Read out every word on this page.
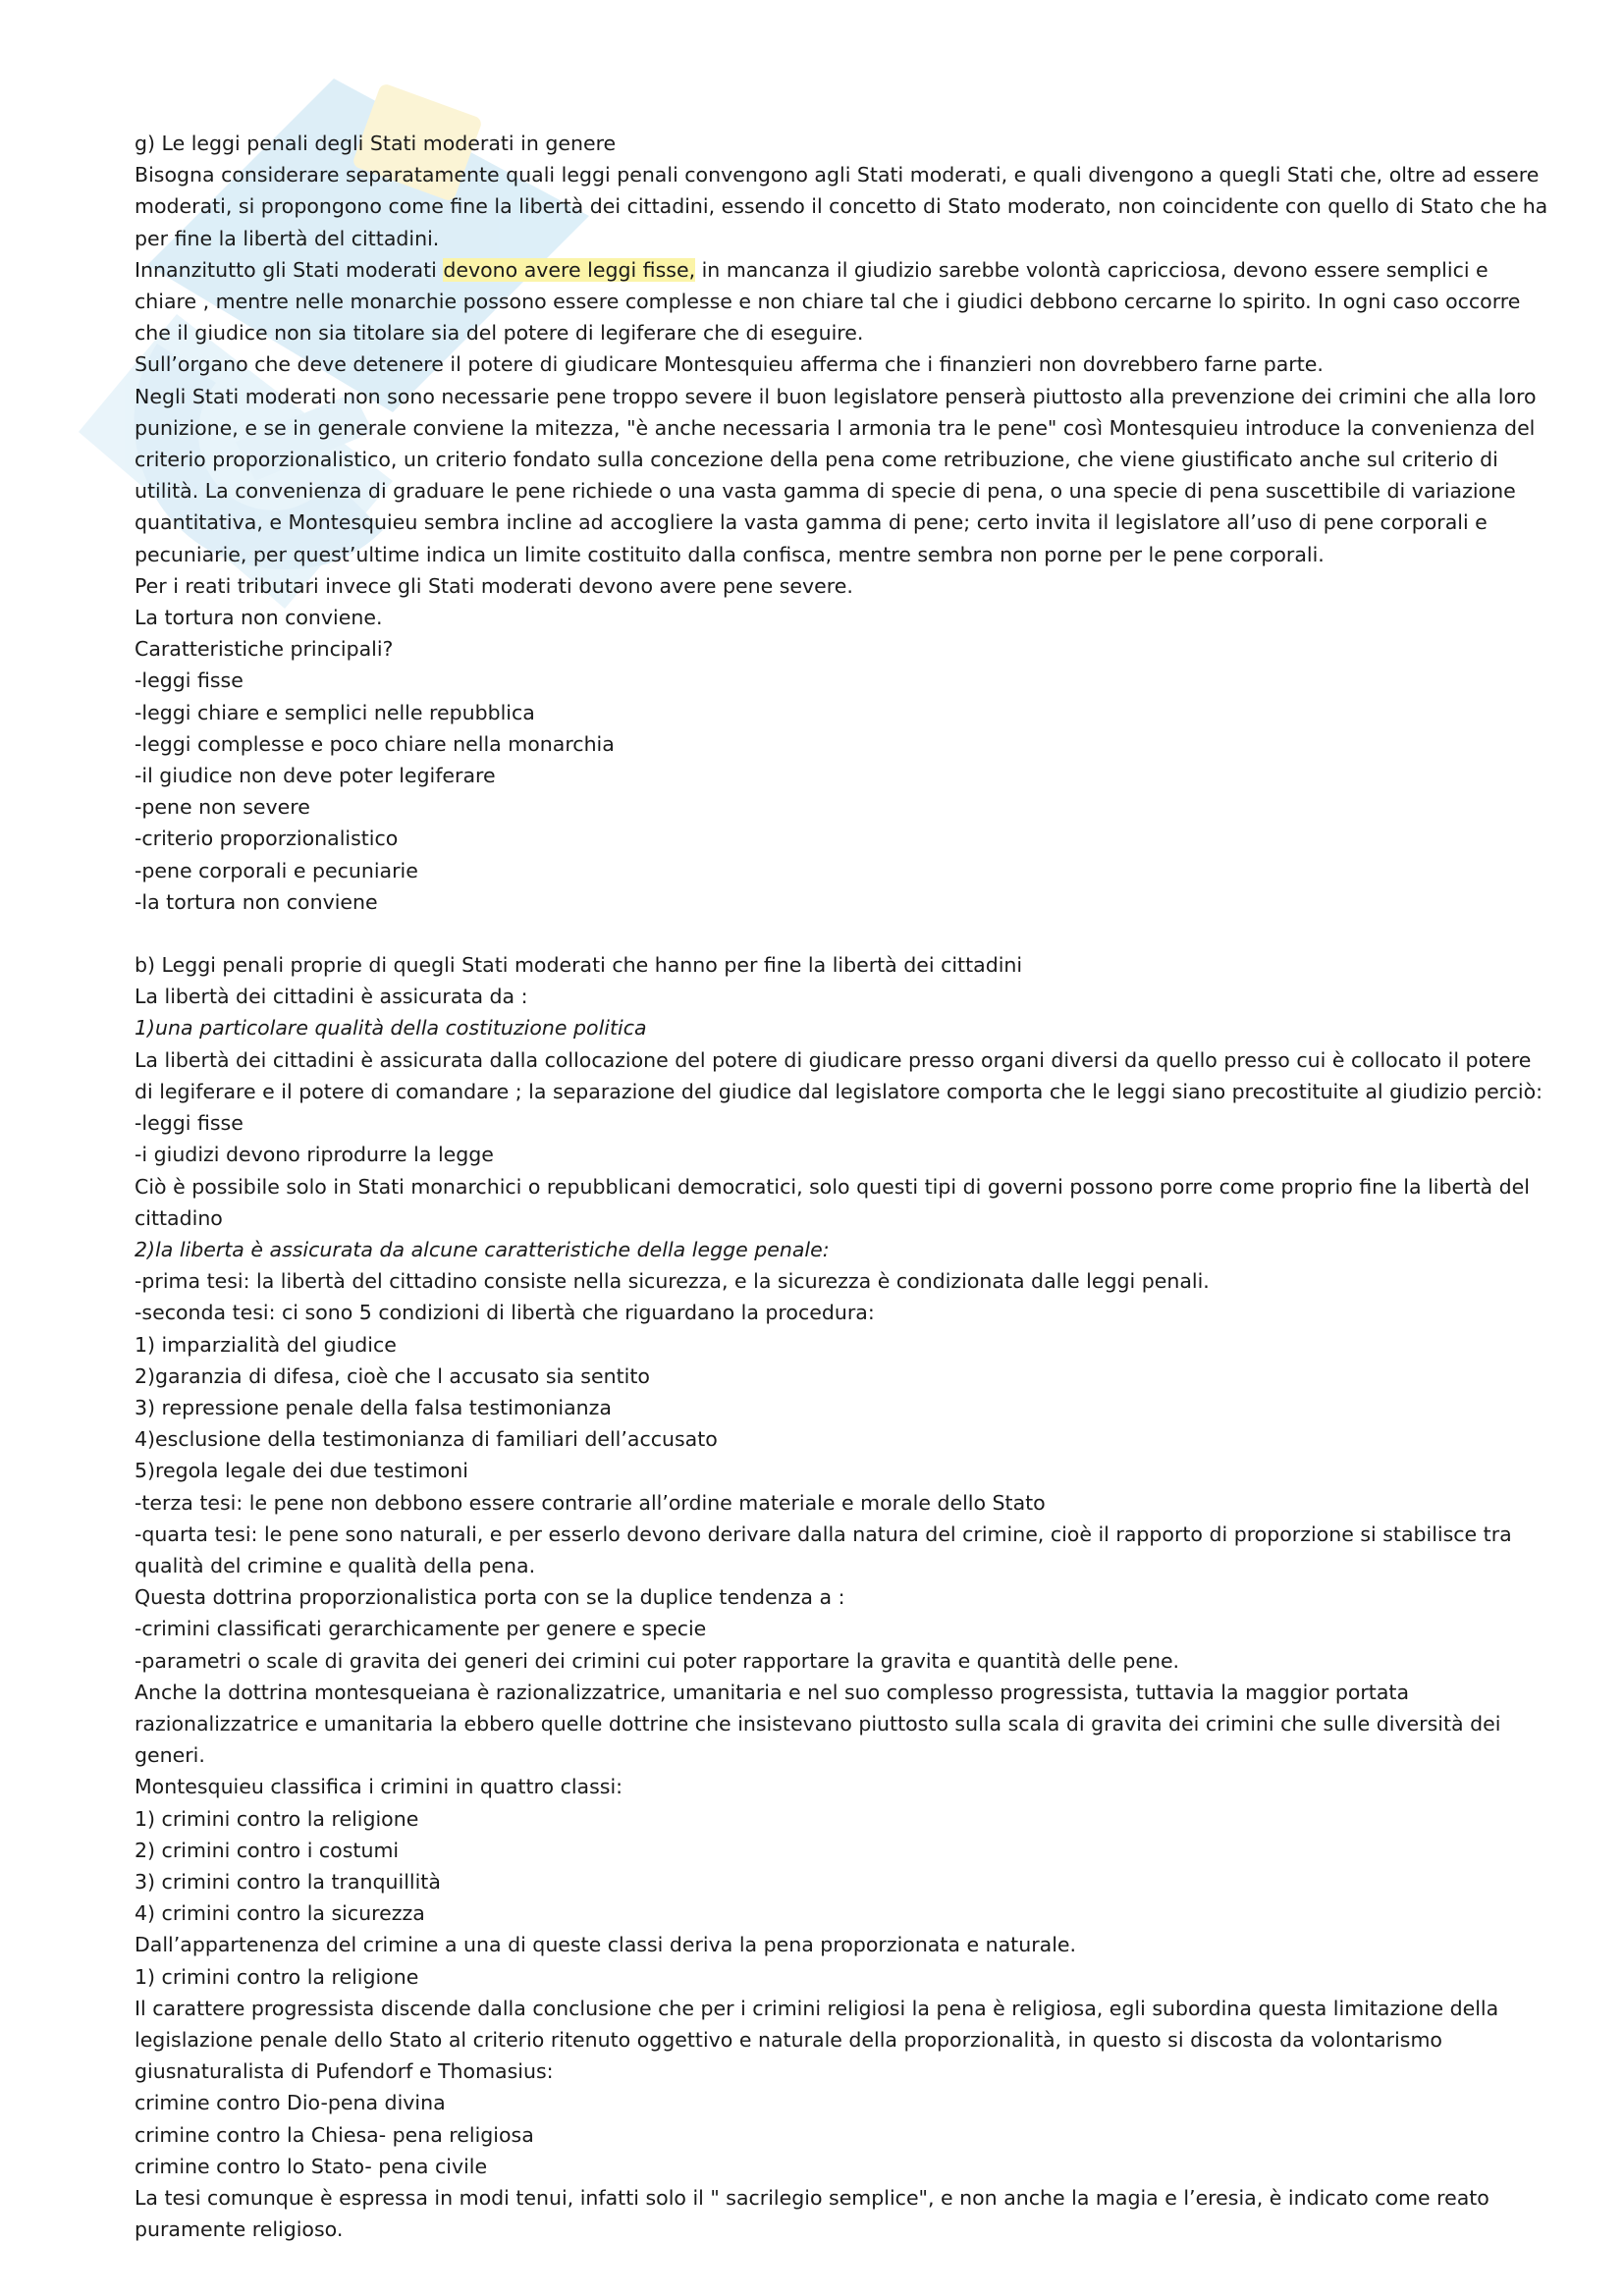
g) Le leggi penali degli Stati moderati in genere

Bisogna considerare separatamente quali leggi penali convengono agli Stati moderati, e quali divengono a quegli Stati che, oltre ad essere moderati, si propongono come fine la libertà dei cittadini, essendo il concetto di Stato moderato, non coincidente con quello di Stato che ha per fine la libertà del cittadini.

Innanzitutto gli Stati moderati devono avere leggi fisse, in mancanza il giudizio sarebbe volontà capricciosa, devono essere semplici e chiare , mentre nelle monarchie possono essere complesse e non chiare tal che i giudici debbono cercarne lo spirito. In ogni caso occorre che il giudice non sia titolare sia del potere di legiferare che di eseguire.

Sull’organo che deve detenere il potere di giudicare Montesquieu afferma che i finanzieri non dovrebbero farne parte.

Negli Stati moderati non sono necessarie pene troppo severe il buon legislatore penserà piuttosto alla prevenzione dei crimini che alla loro punizione, e se in generale conviene la mitezza, "è anche necessaria l armonia tra le pene" così Montesquieu introduce la convenienza del criterio proporzionalistico, un criterio fondato sulla concezione della pena come retribuzione, che viene giustificato anche sul criterio di utilità. La convenienza di graduare le pene richiede o una vasta gamma di specie di pena, o una specie di pena suscettibile di variazione quantitativa, e Montesquieu sembra incline ad accogliere la vasta gamma di pene; certo invita il legislatore all’uso di pene corporali e pecuniarie, per quest’ultime indica un limite costituito dalla confisca, mentre sembra non porne per le pene corporali.

Per i reati tributari invece gli Stati moderati devono avere pene severe.

La tortura non conviene.

Caratteristiche principali?

-leggi fisse

-leggi chiare e semplici nelle repubblica

-leggi complesse e poco chiare nella monarchia

-il giudice non deve poter legiferare

-pene non severe

-criterio proporzionalistico

-pene corporali e pecuniarie

-la tortura non conviene

b) Leggi penali proprie di quegli Stati moderati che hanno per fine la libertà dei cittadini

La libertà dei cittadini è assicurata da :

1)una particolare qualità della costituzione politica

La libertà dei cittadini è assicurata dalla collocazione del potere di giudicare presso organi diversi da quello presso cui è collocato il potere di legiferare e il potere di comandare ; la separazione del giudice dal legislatore comporta che le leggi siano precostituite al giudizio perciò:

-leggi fisse

-i giudizi devono riprodurre la legge

Ciò è possibile solo in Stati monarchici o repubblicani democratici, solo questi tipi di governi possono porre come proprio fine la libertà del cittadino

2)la liberta è assicurata da alcune caratteristiche della legge penale:

-prima tesi: la libertà del cittadino consiste nella sicurezza, e la sicurezza è condizionata dalle leggi penali.

-seconda tesi: ci sono 5 condizioni di libertà che riguardano la procedura:

1) imparzialità del giudice

2)garanzia di difesa, cioè che l accusato sia sentito

3) repressione penale della falsa testimonianza

4)esclusione della testimonianza di familiari dell’accusato

5)regola legale dei due testimoni

-terza tesi: le pene non debbono essere contrarie all’ordine materiale e morale dello Stato

-quarta tesi: le pene sono naturali, e per esserlo devono derivare dalla natura del crimine, cioè il rapporto di proporzione si stabilisce tra qualità del crimine e qualità della pena.

Questa dottrina proporzionalistica porta con se la duplice tendenza a :

-crimini classificati gerarchicamente per genere e specie

-parametri o scale di gravita dei generi dei crimini cui poter rapportare la gravita e quantità delle pene.

Anche la dottrina montesqueiana è razionalizzatrice, umanitaria e nel suo complesso progressista, tuttavia la maggior portata razionalizzatrice e umanitaria la ebbero quelle dottrine che insistevano piuttosto sulla scala di gravita dei crimini che sulle diversità dei generi.

Montesquieu classifica i crimini in quattro classi:

1) crimini contro la religione

2) crimini contro i costumi

3) crimini contro la tranquillità

4) crimini contro la sicurezza

Dall’appartenenza del crimine a una di queste classi deriva la pena proporzionata e naturale.

1) crimini contro la religione

Il carattere progressista discende dalla conclusione che per i crimini religiosi la pena è religiosa, egli subordina questa limitazione della legislazione penale dello Stato al criterio ritenuto oggettivo e naturale della proporzionalità, in questo si discosta da volontarismo giusnaturalista di Pufendorf e Thomasius:

crimine contro Dio-pena divina

crimine contro la Chiesa- pena religiosa

crimine contro lo Stato- pena civile

La tesi comunque è espressa in modi tenui, infatti solo il " sacrilegio semplice", e non anche la magia e l’eresia, è indicato come reato puramente religioso.
